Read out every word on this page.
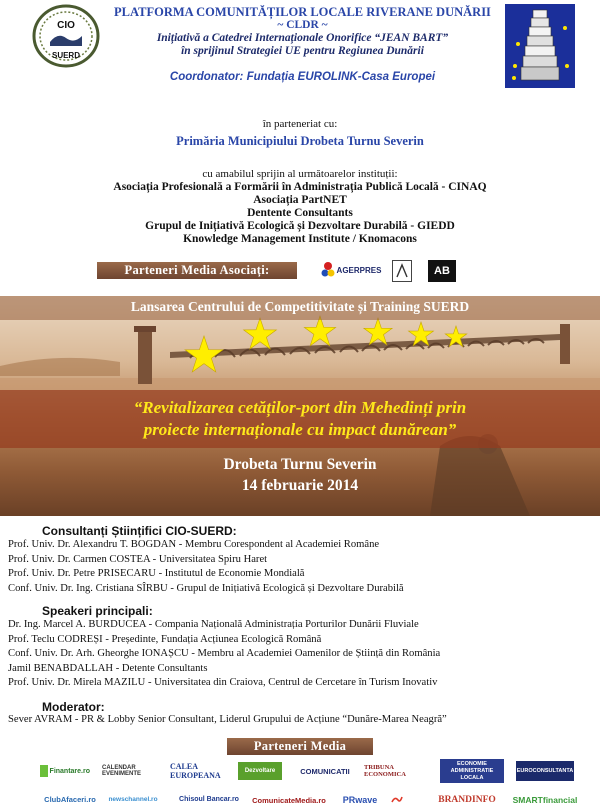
CIO
SUERD
PLATFORMA COMUNITĂȚILOR LOCALE RIVERANE DUNĂRII
~ CLDR ~
Inițiativă a Catedrei Internaționale Onorifice “JEAN BART”
în sprijinul Strategiei UE pentru Regiunea Dunării
Coordonator: Fundația EUROLINK-Casa Europei
în parteneriat cu:
Primăria Municipiului Drobeta Turnu Severin
cu amabilul sprijin al următoarelor instituții:
Asociația Profesională a Formării în Administrația Publică Locală - CINAQ
Asociația PartNET
Dentente Consultants
Grupul de Inițiativă Ecologică și Dezvoltare Durabilă - GIEDD
Knowledge Management Institute / Knomacons
Parteneri Media Asociați:	AGERPRES	AB
Lansarea Centrului de Competitivitate și Training SUERD
“Revitalizarea cetăților-port din Mehedinți prin
proiecte internaționale cu impact dunărean”
Drobeta Turnu Severin
14 februarie 2014
Consultanți Științifici CIO-SUERD:
Prof. Univ. Dr. Alexandru T. BOGDAN - Membru Corespondent al Academiei Române
Prof. Univ. Dr. Carmen COSTEA - Universitatea Spiru Haret
Prof. Univ. Dr. Petre PRISECARU - Institutul de Economie Mondială
Conf. Univ. Dr. Ing. Cristiana SÎRBU - Grupul de Inițiativă Ecologică și Dezvoltare Durabilă
Speakeri principali:
Dr. Ing. Marcel A. BURDUCEA - Compania Națională Administrația Porturilor Dunării Fluviale
Prof. Teclu CODREȘI - Președinte, Fundația Acțiunea Ecologică Română
Conf. Univ. Dr. Arh. Gheorghe IONAȘCU - Membru al Academiei Oamenilor de Știință din România
Jamil BENABDALLAH - Detente Consultants
Prof. Univ. Dr. Mirela MAZILU - Universitatea din Craiova, Centrul de Cercetare în Turism Inovativ
Moderator:
Sever AVRAM - PR & Lobby Senior Consultant, Liderul Grupului de Acțiune “Dunăre-Marea Neagră”
Parteneri Media
Finantare.ro CALENDAR EVENIMENTE
CALEA EUROPEANA	Dezvoltare	COMUNICATII TRIBUNA ECONOMICA
ECONOMIE ADMINISTRATIE LOCALA
EUROCONSULTANTA
ClubAfaceri.ro newschannel.ro	Chisoul Bancar.ro ComunicateMedia.ro PRwave	BRANDINFO SMARTfinancial
